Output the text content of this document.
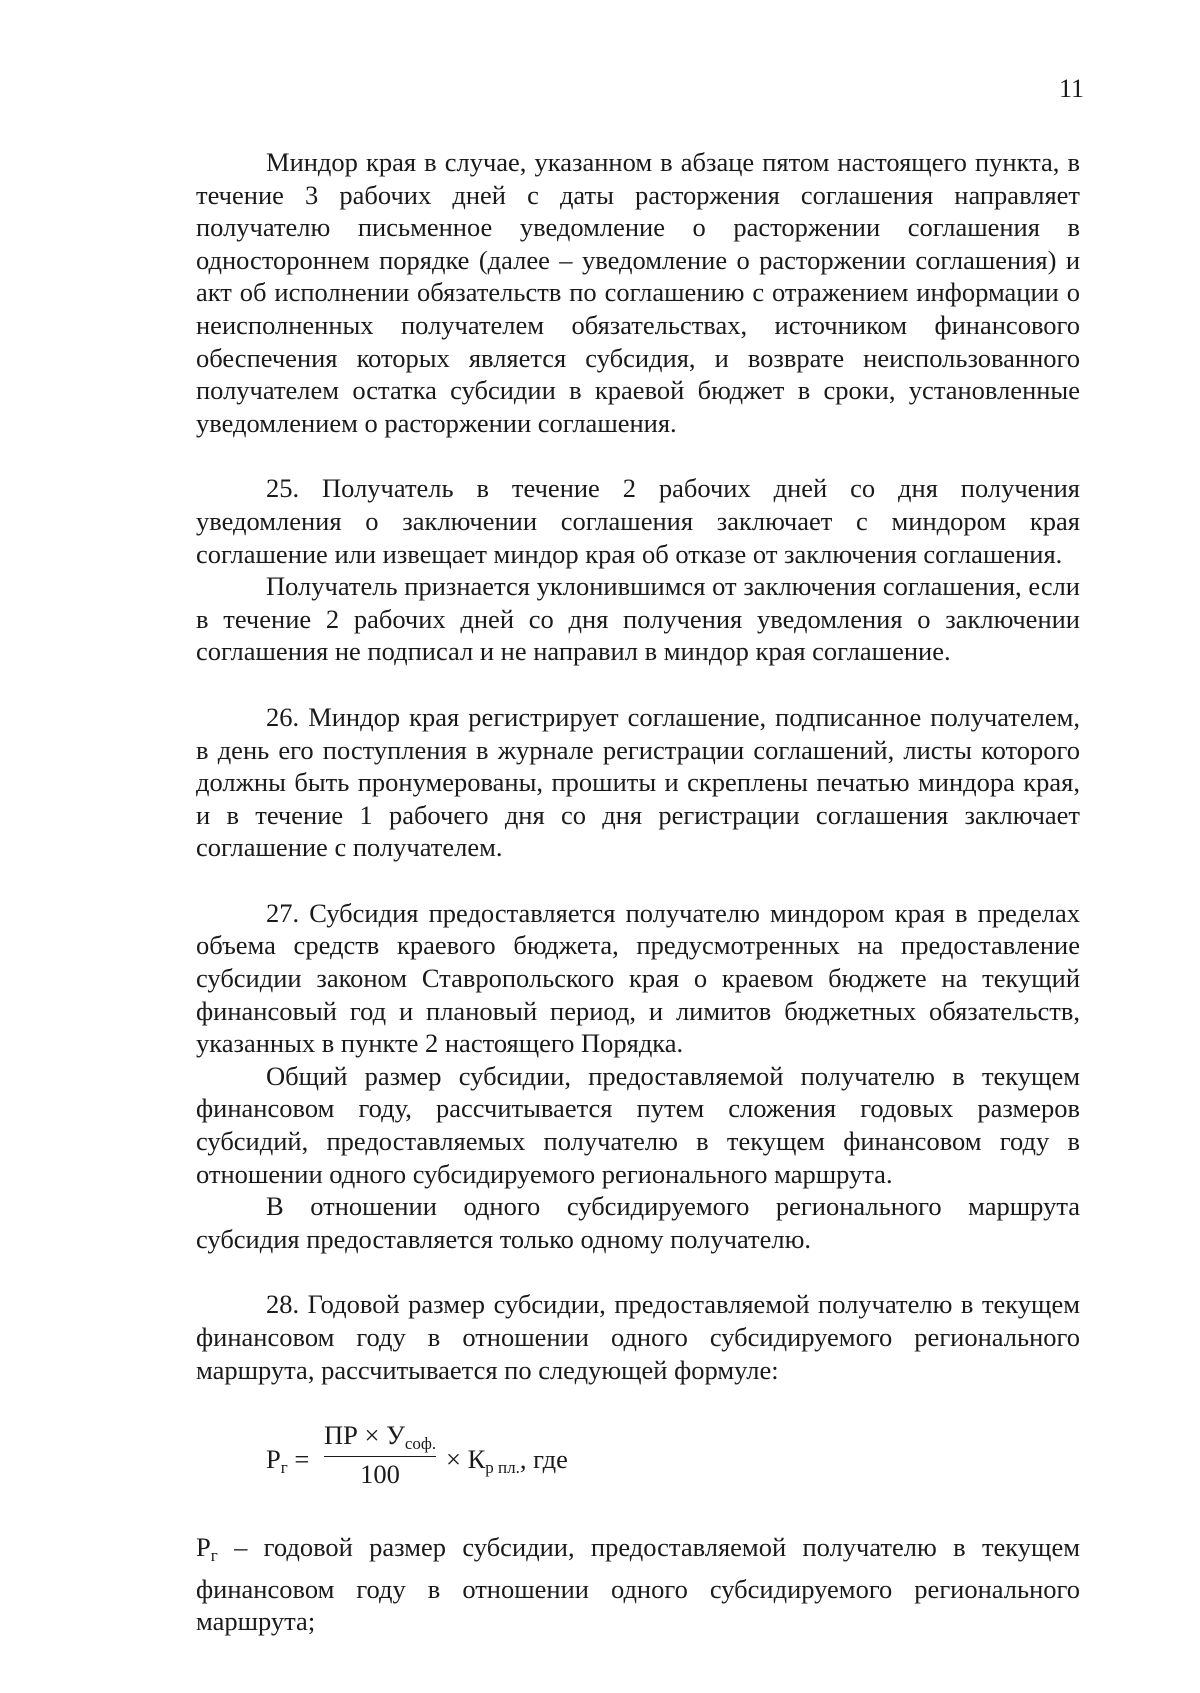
11

Миндор края в случае, указанном в абзаце пятом настоящего пункта, в течение 3 рабочих дней с даты расторжения соглашения направляет получателю письменное уведомление о расторжении соглашения в одностороннем порядке (далее – уведомление о расторжении соглашения) и акт об исполнении обязательств по соглашению с отражением информации о неисполненных получателем обязательствах, источником финансового обеспечения которых является субсидия, и возврате неиспользованного получателем остатка субсидии в краевой бюджет в сроки, установленные уведомлением о расторжении соглашения.

25. Получатель в течение 2 рабочих дней со дня получения уведомления о заключении соглашения заключает с миндором края соглашение или извещает миндор края об отказе от заключения соглашения.

Получатель признается уклонившимся от заключения соглашения, если в течение 2 рабочих дней со дня получения уведомления о заключении соглашения не подписал и не направил в миндор края соглашение.

26. Миндор края регистрирует соглашение, подписанное получателем, в день его поступления в журнале регистрации соглашений, листы которого должны быть пронумерованы, прошиты и скреплены печатью миндора края, и в течение 1 рабочего дня со дня регистрации соглашения заключает соглашение с получателем.

27. Субсидия предоставляется получателю миндором края в пределах объема средств краевого бюджета, предусмотренных на предоставление субсидии законом Ставропольского края о краевом бюджете на текущий финансовый год и плановый период, и лимитов бюджетных обязательств, указанных в пункте 2 настоящего Порядка.

Общий размер субсидии, предоставляемой получателю в текущем финансовом году, рассчитывается путем сложения годовых размеров субсидий, предоставляемых получателю в текущем финансовом году в отношении одного субсидируемого регионального маршрута.

В отношении одного субсидируемого регионального маршрута субсидия предоставляется только одному получателю.

28. Годовой размер субсидии, предоставляемой получателю в текущем финансовом году в отношении одного субсидируемого регионального маршрута, рассчитывается по следующей формуле:

$Р_г$ =
ПР × $У_{соф.}$
100	× $К_{р пл.}$, где

$Р_г$ – годовой размер субсидии, предоставляемой получателю в текущем финансовом году в отношении одного субсидируемого регионального маршрута;
